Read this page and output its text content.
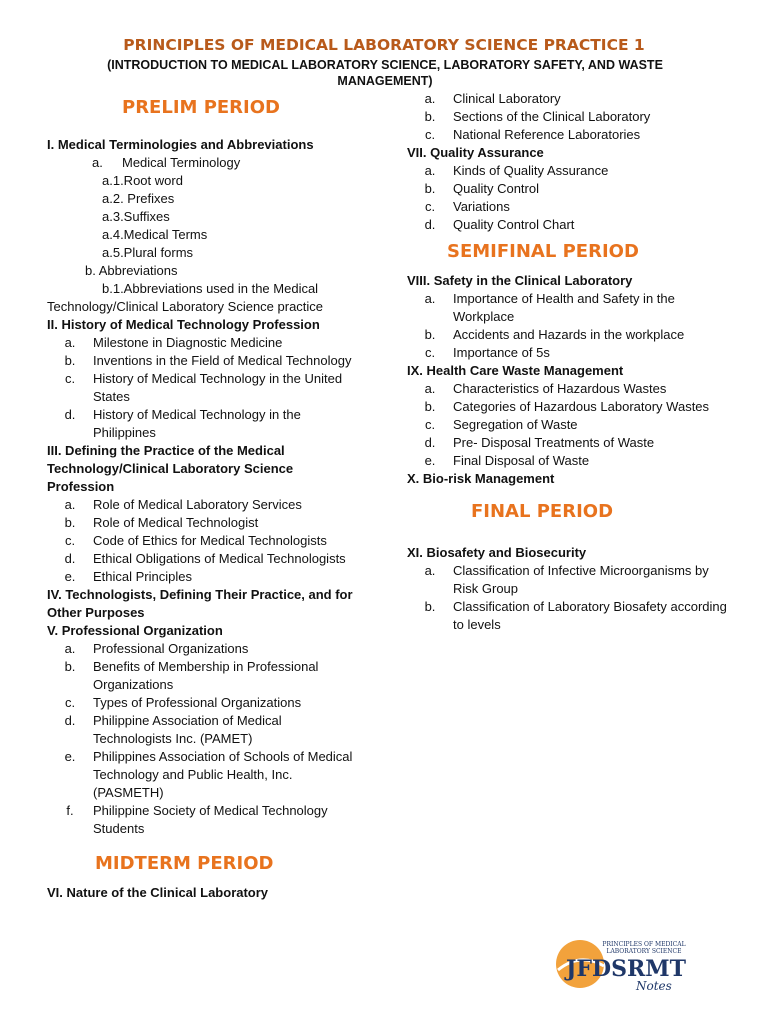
PRINCIPLES OF MEDICAL LABORATORY SCIENCE PRACTICE 1
(INTRODUCTION TO MEDICAL LABORATORY SCIENCE, LABORATORY SAFETY, AND WASTE MANAGEMENT)
PRELIM PERIOD
I. Medical Terminologies and Abbreviations
a.	Medical Terminology
a.1.Root word
a.2. Prefixes
a.3.Suffixes
a.4.Medical Terms
a.5.Plural forms
b. Abbreviations
b.1.Abbreviations used in the Medical
Technology/Clinical Laboratory Science practice
II. History of Medical Technology Profession
a.	Milestone in Diagnostic Medicine
b.	Inventions in the Field of Medical Technology
c.	History of Medical Technology in the United States
d.	History of Medical Technology in the Philippines
III. Defining the Practice of the Medical Technology/Clinical Laboratory Science Profession
a.	Role of Medical Laboratory Services
b.	Role of Medical Technologist
c.	Code of Ethics for Medical Technologists
d.	Ethical Obligations of Medical Technologists
e.	Ethical Principles
IV. Technologists, Defining Their Practice, and for Other Purposes
V. Professional Organization
a.	Professional Organizations
b.	Benefits of Membership in Professional Organizations
c.	Types of Professional Organizations
d.	Philippine Association of Medical Technologists Inc. (PAMET)
e.	Philippines Association of Schools of Medical Technology and Public Health, Inc. (PASMETH)
f.	Philippine Society of Medical Technology Students
MIDTERM PERIOD
VI. Nature of the Clinical Laboratory
a.	Clinical Laboratory
b.	Sections of the Clinical Laboratory
c.	National Reference Laboratories
VII. Quality Assurance
a.	Kinds of Quality Assurance
b.	Quality Control
c.	Variations
d.	Quality Control Chart
SEMIFINAL PERIOD
VIII. Safety in the Clinical Laboratory
a.	Importance of Health and Safety in the Workplace
b.	Accidents and Hazards in the workplace
c.	Importance of 5s
IX. Health Care Waste Management
a.	Characteristics of Hazardous Wastes
b.	Categories of Hazardous Laboratory Wastes
c.	Segregation of Waste
d.	Pre- Disposal Treatments of Waste
e.	Final Disposal of Waste
X. Bio-risk Management
FINAL PERIOD
XI. Biosafety and Biosecurity
a.	Classification of Infective Microorganisms by Risk Group
b.	Classification of Laboratory Biosafety according to levels
PRINCIPLES OF MEDICAL
LABORATORY SCIENCE
JFDSRMT
Notes
